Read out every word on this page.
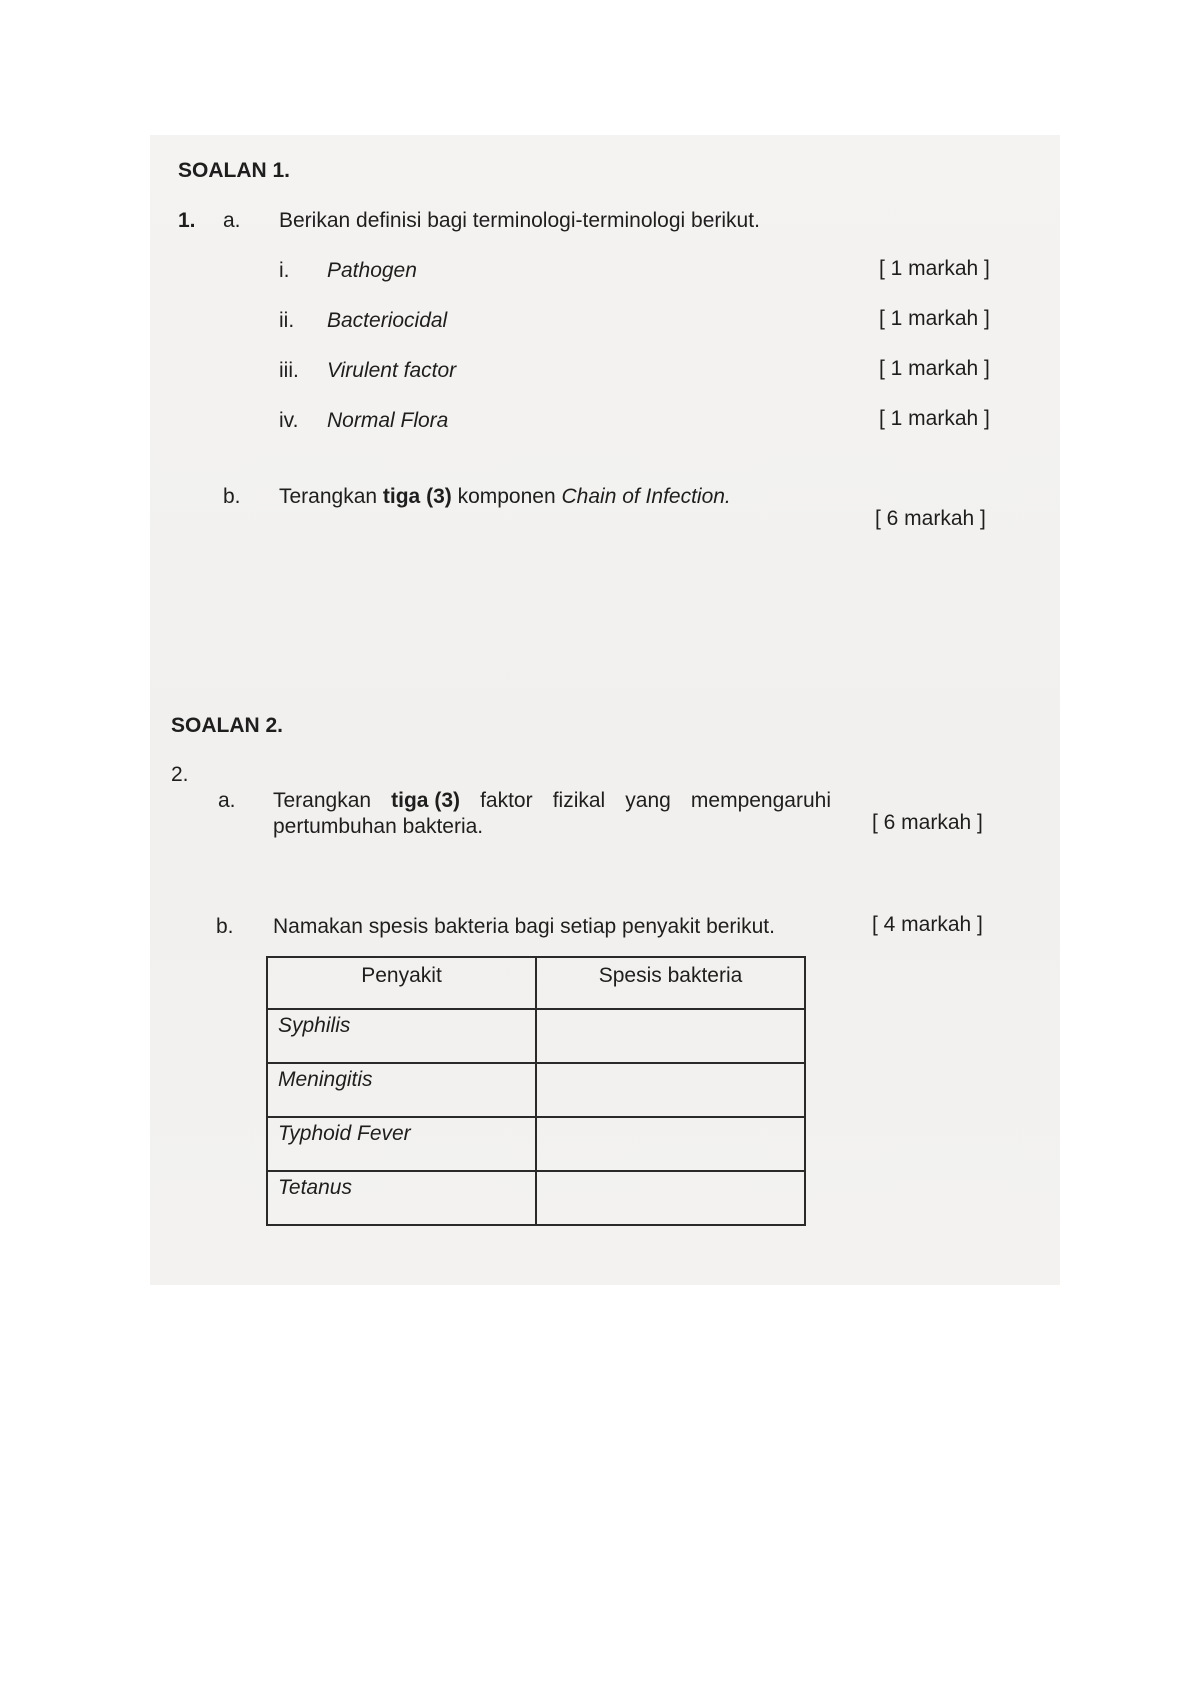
SOALAN 1.
1. a. Berikan definisi bagi terminologi-terminologi berikut.
i. Pathogen	[ 1 markah ]
ii. Bacteriocidal	[ 1 markah ]
iii. Virulent factor	[ 1 markah ]
iv. Normal Flora	[ 1 markah ]
b. Terangkan tiga (3) komponen Chain of Infection.
[ 6 markah ]
SOALAN 2.
2.
a. Terangkan tiga (3) faktor fizikal yang mempengaruhi
pertumbuhan bakteria.	[ 6 markah ]
b. Namakan spesis bakteria bagi setiap penyakit berikut.	[ 4 markah ]
Penyakit	Spesis bakteria
Syphilis	
Meningitis	
Typhoid Fever	
Tetanus	
